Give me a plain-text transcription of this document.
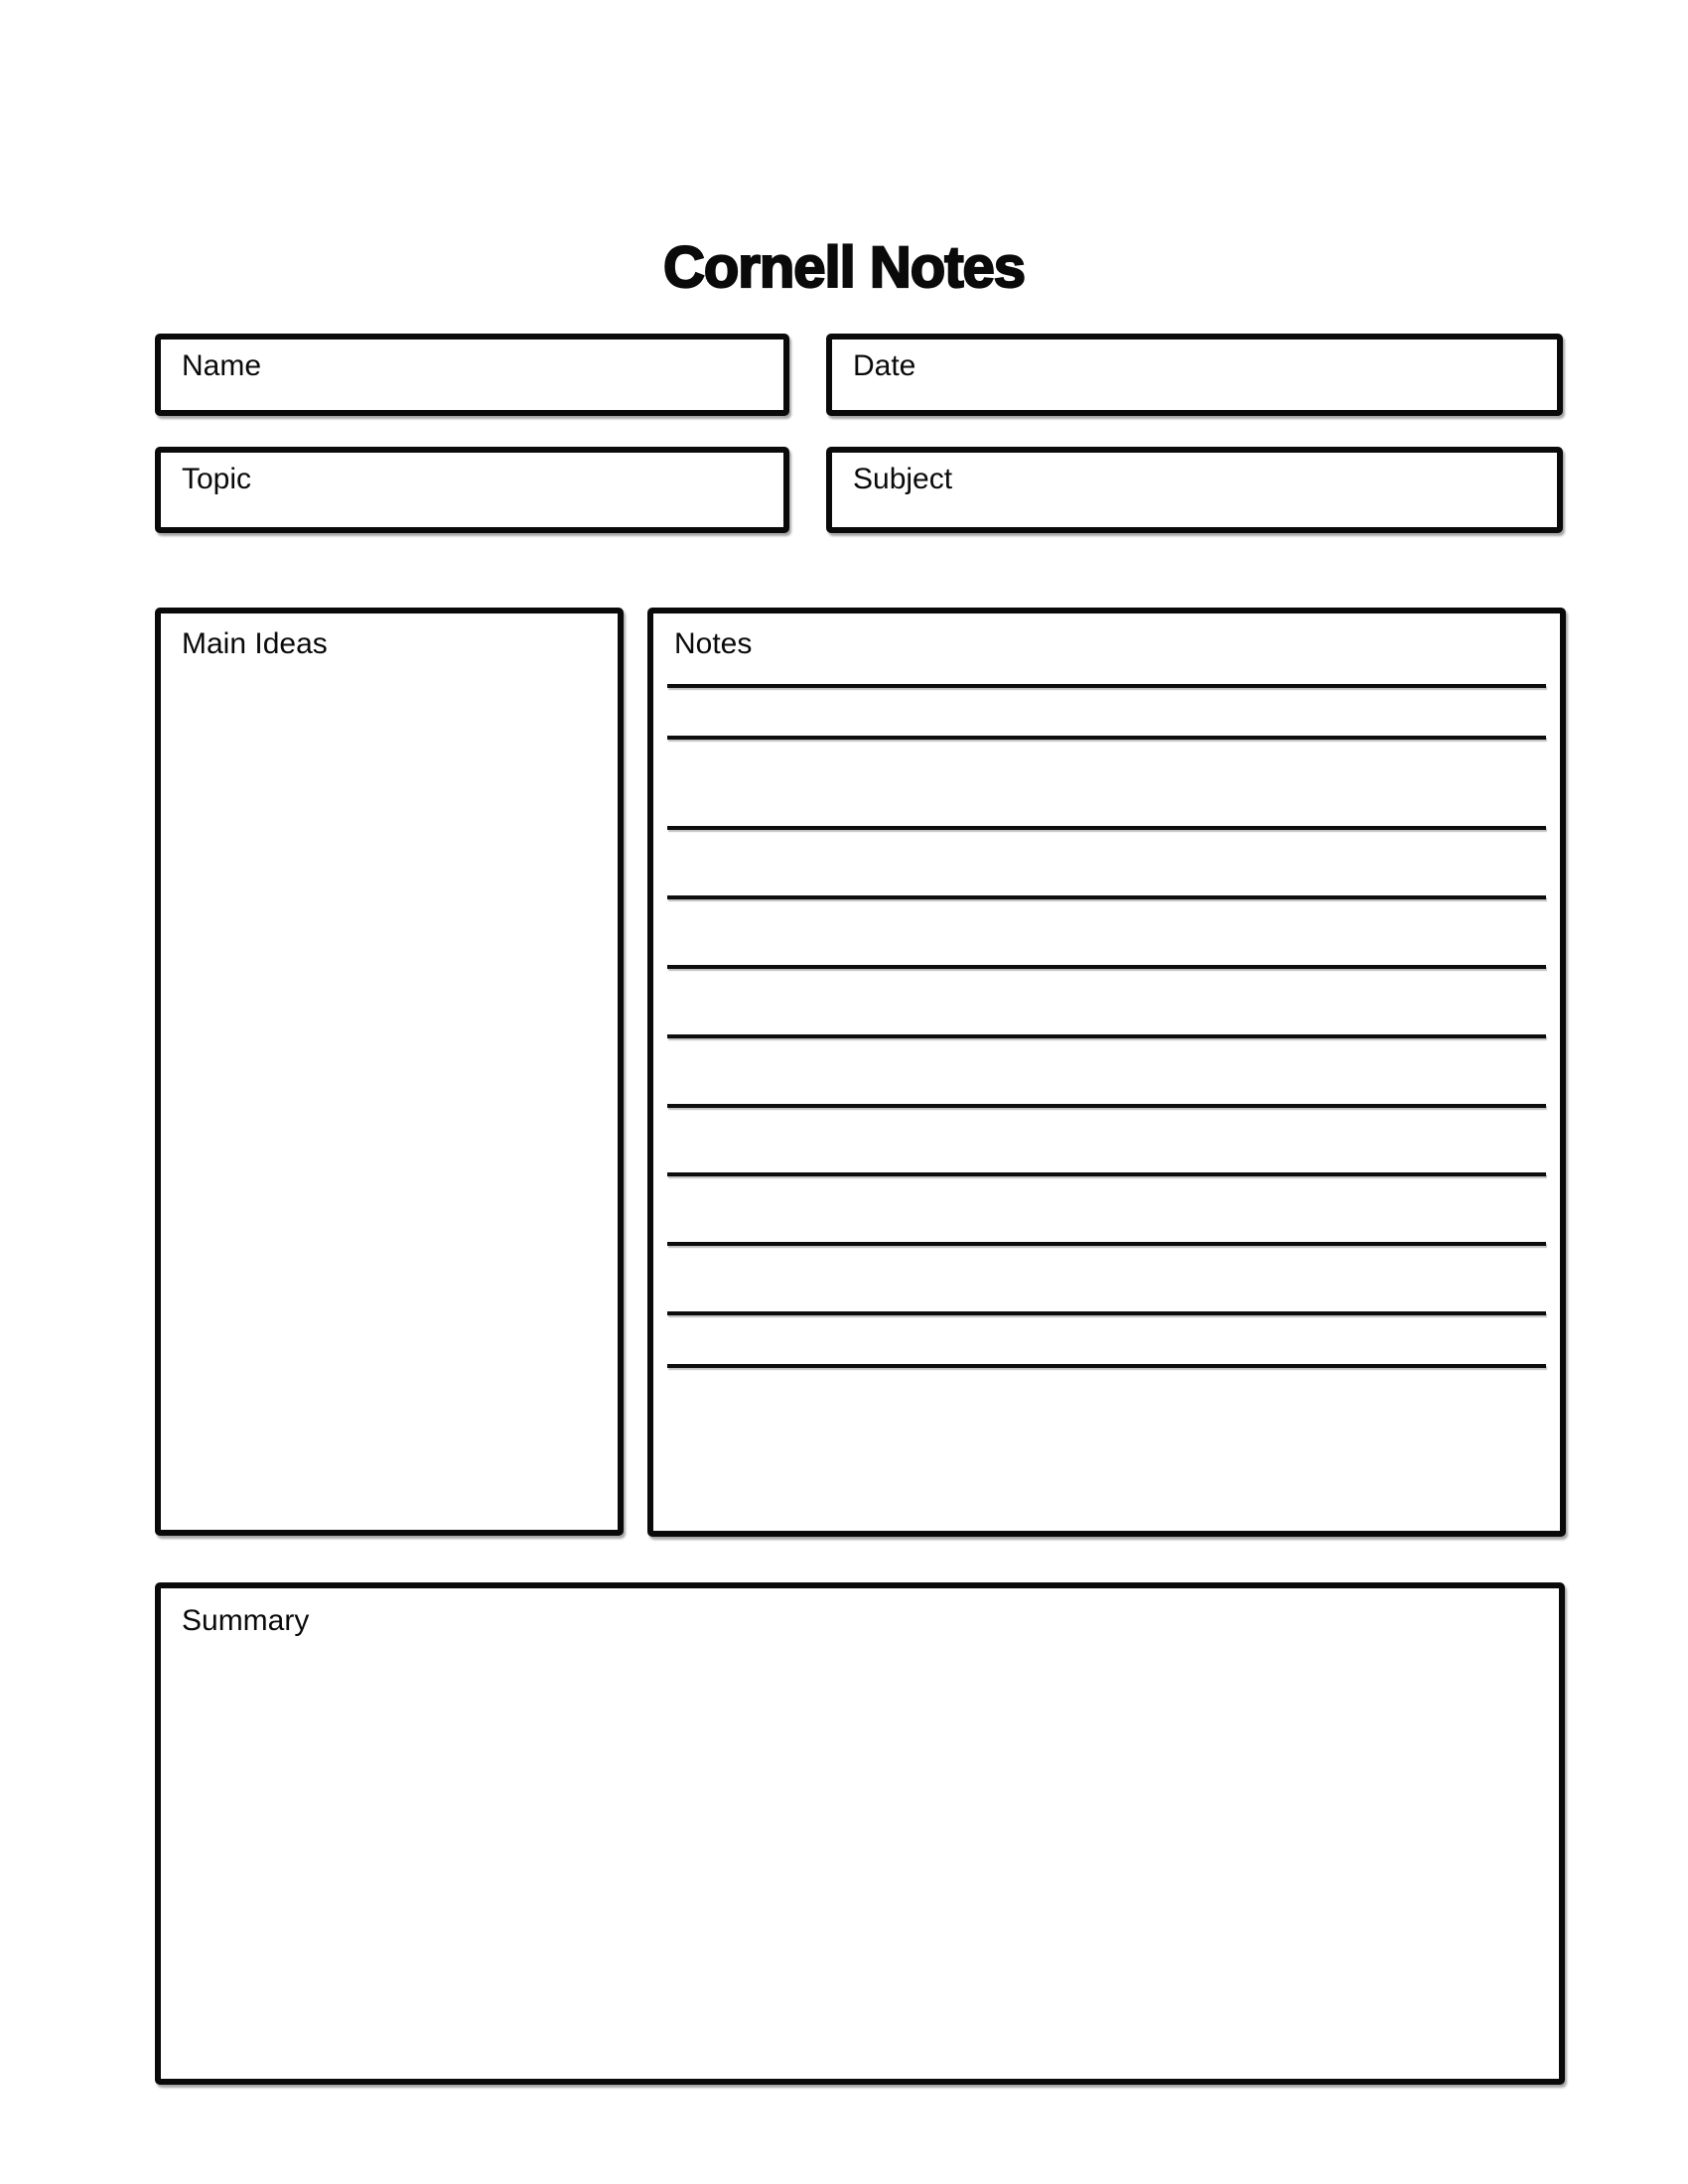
Cornell Notes
Name	Date
Topic	Subject
Main Ideas	Notes
Summary
